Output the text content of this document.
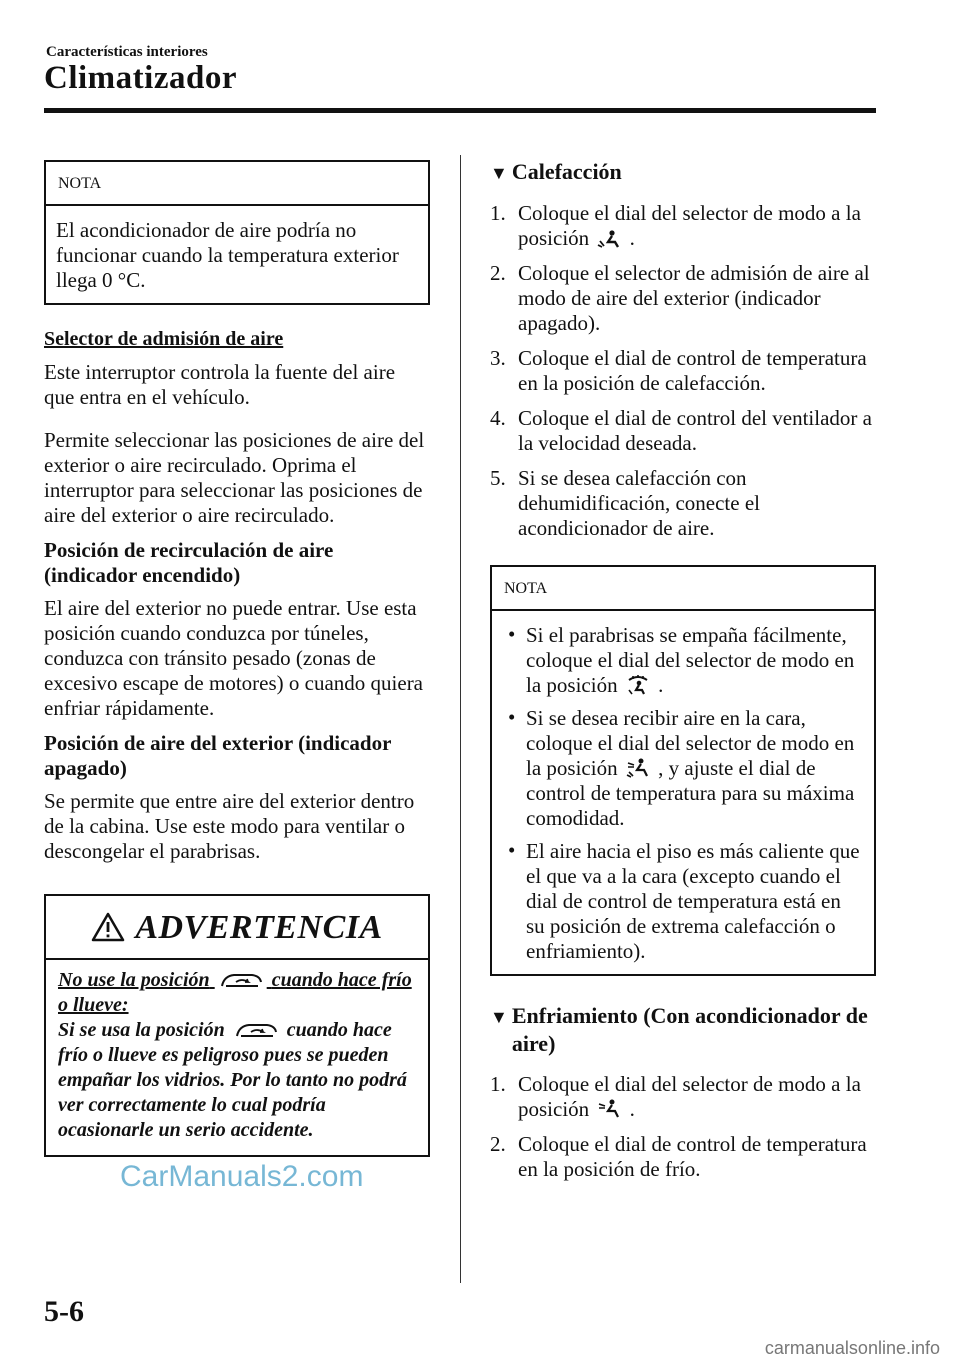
Características interiores
Climatizador
NOTA
El acondicionador de aire podría no funcionar cuando la temperatura exterior llega 0 °C.

Selector de admisión de aire

Este interruptor controla la fuente del aire que entra en el vehículo.

Permite seleccionar las posiciones de aire del exterior o aire recirculado. Oprima el interruptor para seleccionar las posiciones de aire del exterior o aire recirculado.

Posición de recirculación de aire (indicador encendido)

El aire del exterior no puede entrar. Use esta posición cuando conduzca por túneles, conduzca con tránsito pesado (zonas de excesivo escape de motores) o cuando quiera enfriar rápidamente.

Posición de aire del exterior (indicador apagado)

Se permite que entre aire del exterior dentro de la cabina. Use este modo para ventilar o descongelar el parabrisas.

ADVERTENCIA
No use la posición	cuando hace frío o llueve:
Si se usa la posición	cuando hace frío o llueve es peligroso pues se pueden empañar los vidrios. Por lo tanto no podrá ver correctamente lo cual podría ocasionarle un serio accidente.
▼ Calefacción
1. Coloque el dial del selector de modo a la posición .
2. Coloque el selector de admisión de aire al modo de aire del exterior (indicador apagado).
3. Coloque el dial de control de temperatura en la posición de calefacción.
4. Coloque el dial de control del ventilador a la velocidad deseada.
5. Si se desea calefacción con dehumidificación, conecte el acondicionador de aire.
NOTA
• Si el parabrisas se empaña fácilmente, coloque el dial del selector de modo en la posición .
• Si se desea recibir aire en la cara, coloque el dial del selector de modo en la posición , y ajuste el dial de control de temperatura para su máxima comodidad.
• El aire hacia el piso es más caliente que el que va a la cara (excepto cuando el dial de control de temperatura está en su posición de extrema calefacción o enfriamiento).
▼ Enfriamiento (Con acondicionador de aire)
1. Coloque el dial del selector de modo a la posición .
2. Coloque el dial de control de temperatura en la posición de frío.
CarManuals2.com
5-6
carmanualsonline.info
